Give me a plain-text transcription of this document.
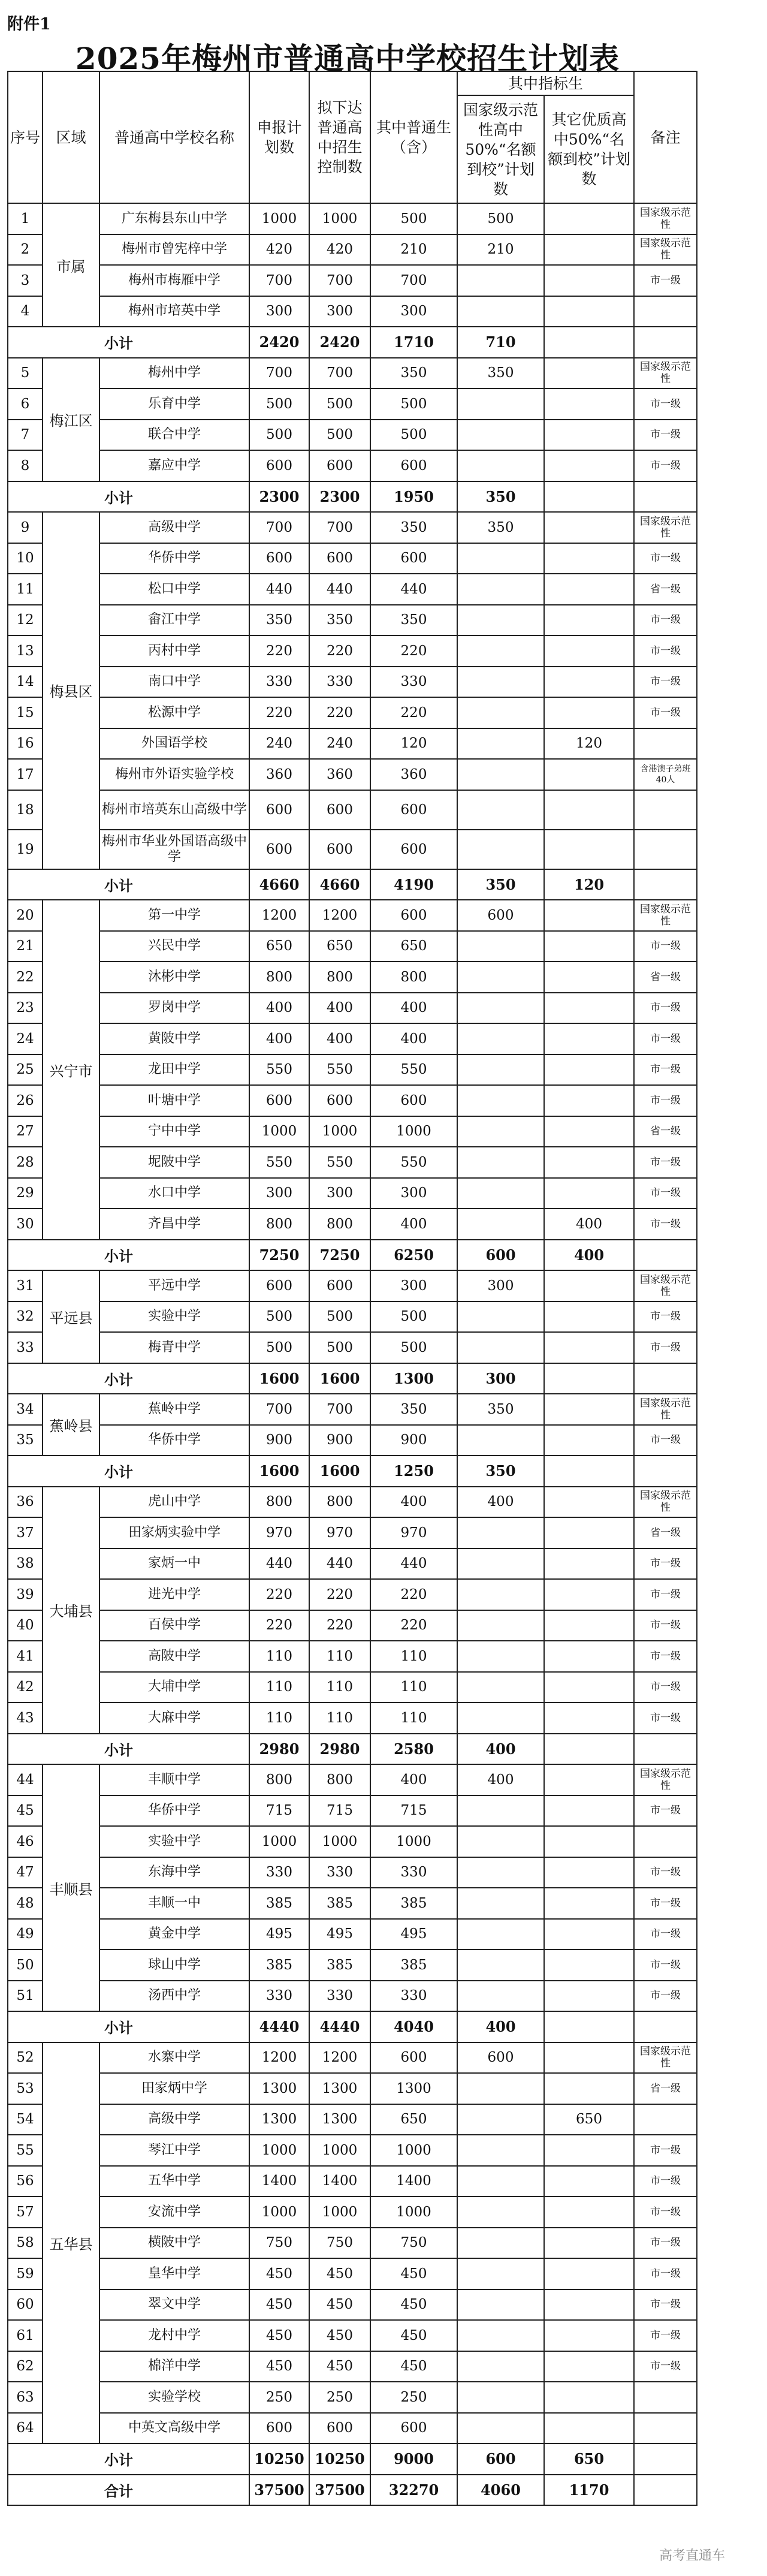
附件1
2025年梅州市普通高中学校招生计划表
序号	区域	普通高中学校名称	申报计划数	拟下达普通高中招生控制数	其中普通生（含）	其中指标生		备注
						国家级示范性高中50%“名额到校”计划数	其它优质高中50%“名额到校”计划数	
1	市属	广东梅县东山中学	1000	1000	500	500		国家级示范性
2		梅州市曾宪梓中学	420	420	210	210		国家级示范性
3		梅州市梅雁中学	700	700	700			市一级
4		梅州市培英中学	300	300	300			
小计			2420	2420	1710	710		
5	梅江区	梅州中学	700	700	350	350		国家级示范性
6		乐育中学	500	500	500			市一级
7		联合中学	500	500	500			市一级
8		嘉应中学	600	600	600			市一级
小计			2300	2300	1950	350		
9	梅县区	高级中学	700	700	350	350		国家级示范性
10		华侨中学	600	600	600			市一级
11		松口中学	440	440	440			省一级
12		畲江中学	350	350	350			市一级
13		丙村中学	220	220	220			市一级
14		南口中学	330	330	330			市一级
15		松源中学	220	220	220			市一级
16		外国语学校	240	240	120		120	
17		梅州市外语实验学校	360	360	360			含港澳子弟班40人
18		梅州市培英东山高级中学	600	600	600			
19		梅州市华业外国语高级中学	600	600	600			
小计			4660	4660	4190	350	120	
20	兴宁市	第一中学	1200	1200	600	600		国家级示范性
21		兴民中学	650	650	650			市一级
22		沐彬中学	800	800	800			省一级
23		罗岗中学	400	400	400			市一级
24		黄陂中学	400	400	400			市一级
25		龙田中学	550	550	550			市一级
26		叶塘中学	600	600	600			市一级
27		宁中中学	1000	1000	1000			省一级
28		坭陂中学	550	550	550			市一级
29		水口中学	300	300	300			市一级
30		齐昌中学	800	800	400		400	市一级
小计			7250	7250	6250	600	400	
31	平远县	平远中学	600	600	300	300		国家级示范性
32		实验中学	500	500	500			市一级
33		梅青中学	500	500	500			市一级
小计			1600	1600	1300	300		
34	蕉岭县	蕉岭中学	700	700	350	350		国家级示范性
35		华侨中学	900	900	900			市一级
小计			1600	1600	1250	350		
36	大埔县	虎山中学	800	800	400	400		国家级示范性
37		田家炳实验中学	970	970	970			省一级
38		家炳一中	440	440	440			市一级
39		进光中学	220	220	220			市一级
40		百侯中学	220	220	220			市一级
41		高陂中学	110	110	110			市一级
42		大埔中学	110	110	110			市一级
43		大麻中学	110	110	110			市一级
小计			2980	2980	2580	400		
44	丰顺县	丰顺中学	800	800	400	400		国家级示范性
45		华侨中学	715	715	715			市一级
46		实验中学	1000	1000	1000			
47		东海中学	330	330	330			市一级
48		丰顺一中	385	385	385			市一级
49		黄金中学	495	495	495			市一级
50		球山中学	385	385	385			市一级
51		汤西中学	330	330	330			市一级
小计			4440	4440	4040	400		
52	五华县	水寨中学	1200	1200	600	600		国家级示范性
53		田家炳中学	1300	1300	1300			省一级
54		高级中学	1300	1300	650		650	
55		琴江中学	1000	1000	1000			市一级
56		五华中学	1400	1400	1400			市一级
57		安流中学	1000	1000	1000			市一级
58		横陂中学	750	750	750			市一级
59		皇华中学	450	450	450			市一级
60		翠文中学	450	450	450			市一级
61		龙村中学	450	450	450			市一级
62		棉洋中学	450	450	450			市一级
63		实验学校	250	250	250			
64		中英文高级中学	600	600	600			
小计			10250	10250	9000	600	650	
合计			37500	37500	32270	4060	1170	
高考直通车
